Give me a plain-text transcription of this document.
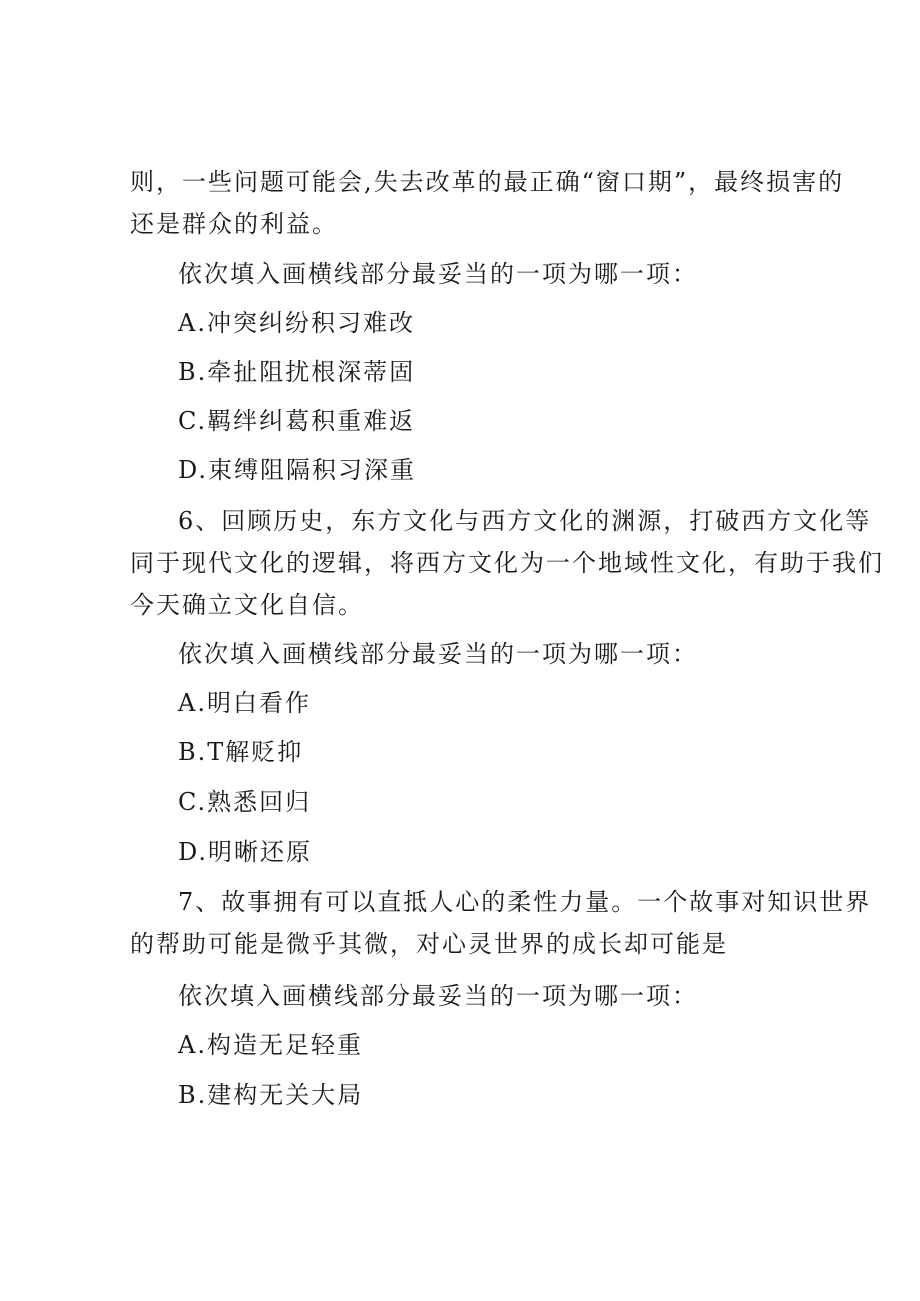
则，一些问题可能会,失去改革的最正确“窗口期”，最终损害的
还是群众的利益。
依次填入画横线部分最妥当的一项为哪一项：
A.冲突纠纷积习难改
B.牵扯阻扰根深蒂固
C.羁绊纠葛积重难返
D.束缚阻隔积习深重
6、回顾历史，东方文化与西方文化的渊源，打破西方文化等
同于现代文化的逻辑，将西方文化为一个地域性文化，有助于我们
今天确立文化自信。
依次填入画横线部分最妥当的一项为哪一项：
A.明白看作
B.T解贬抑
C.熟悉回归
D.明晰还原
7、故事拥有可以直抵人心的柔性力量。一个故事对知识世界
的帮助可能是微乎其微，对心灵世界的成长却可能是
依次填入画横线部分最妥当的一项为哪一项：
A.构造无足轻重
B.建构无关大局
